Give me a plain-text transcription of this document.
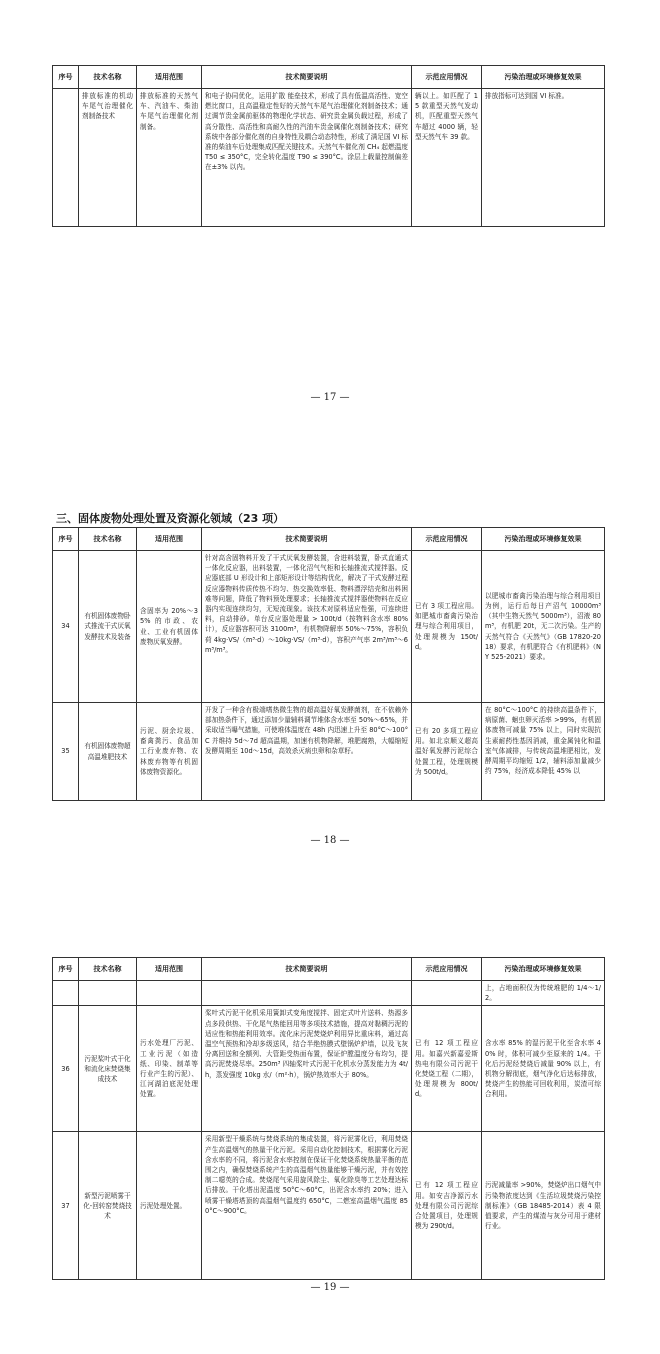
序号	技术名称	适用范围	技术简要说明	示范应用情况	污染治理或环境修复效果
	排放标准的机动车尾气治理催化剂制备技术	排放标准的天然气车、汽油车、柴油车尾气治理催化剂制备。	和电子协同优化，运用扩散 能垒技术，形成了具有低温高活性、宽空燃比窗口，且高温稳定性好的天然气车尾气治理催化剂制备技术；通过调节贵金属前驱体的物理化学状态、研究贵金属负载过程，形成了高分散性、高活性和高耐久性的汽油车贵金属催化剂制备技术；研究系统中各部分催化剂的自身特性及耦合动态特性，形成了满足国 VI 标准的柴油车后处理集成匹配关键技术。天然气车催化剂 CH₄ 起燃温度 T50 ≤ 350°C，完全转化温度 T90 ≤ 390°C。涂层上载量控制偏差在±3% 以内。	辆以上。如匹配了 15 款重型天然气发动机，匹配重型天然气车超过 4000 辆，轻型天然气车 39 款。	排放指标可达到国 VI 标准。
— 17 —
三、固体废物处理处置及资源化领域（23 项）
序号	技术名称	适用范围	技术简要说明	示范应用情况	污染治理或环境修复效果
34	有机固体废物卧式推流干式厌氧发酵技术及装备	含固率为 20%～35% 的市政、农业、工业有机固体废物厌氧发酵。	针对高含固物料开发了干式厌氧发酵装置，含进料装置，卧式直通式一体化反应器，出料装置，一体化沼气气柜和长轴推流式搅拌器。反应器底部 U 形设计和上部矩形设计等结构优化，解决了干式发酵过程反应器物料传质传热不均匀、热交换效率低、物料漂浮结壳和出料困难等问题，降低了物料预处理要求；长轴推流式搅拌器使物料在反应器内实现连续均匀，无短流现象。该技术对原料适应性强，可连续进料，自动排砂。单台反应器处理量 > 100t/d（按物料含水率 80% 计），反应器容积可达 3100m³，有机物降解率 50%～75%，容积负荷 4kg·VS/（m³·d）～10kg·VS/（m³·d），容积产气率 2m³/m³～6m³/m³。	已有 3 项工程应用。如肥城市畜禽污染治理与综合利用项目，处理规模为 150t/d。	以肥城市畜禽污染治理与综合利用项目为例，运行后每日产沼气 10000m³（其中生物天然气 5000m³），沼液 80m³，有机肥 20t，无二次污染。生产的天然气符合《天然气》（GB 17820-2018）要求，有机肥符合《有机肥料》（NY 525-2021）要求。
35	有机固体废物超高温堆肥技术	污泥、厨余垃圾、畜禽粪污、食品加工行业废弃物、农林废弃物等有机固体废物资源化。	开发了一种含有极端嗜热微生物的超高温好氧发酵菌剂，在不依赖外部加热条件下，通过添加少量辅料调节堆体含水率至 50%～65%，并采取适当曝气措施，可使堆体温度在 48h 内迅速上升至 80°C～100°C 并维持 5d～7d 超高温期，加速有机物降解，堆肥腐熟，大幅缩短发酵周期至 10d～15d，高效杀灭病虫卵和杂草籽。	已有 20 多项工程应用。如北京顺义超高温好氧发酵污泥综合处置工程，处理规模为 500t/d。	在 80°C～100°C 的持续高温条件下，病原菌、蛔虫卵灭活率 >99%，有机固体废物可减量 75% 以上，同时实现抗生素耐药性基因消减，重金属钝化和温室气体减排，与传统高温堆肥相比，发酵周期平均缩短 1/2，辅料添加量减少约 75%，经济成本降低 45% 以
— 18 —
序号	技术名称	适用范围	技术简要说明	示范应用情况	污染治理或环境修复效果
					上，占地面积仅为传统堆肥的 1/4～1/2。
36	污泥桨叶式干化和流化床焚烧集成技术	污水处理厂污泥、工业污泥（如造纸、印染、制革等行业产生的污泥）、江河湖泊底泥处理处置。	桨叶式污泥干化机采用簧卸式变角度搅拌、固定式叶片送料、热源多点多段供热、干化尾气热能回用等多项技术措施，提高对黏稠污泥的适应性和热能利用效率。流化床污泥焚烧炉利用异比重床料，通过高温空气预热和冷却多级送风，结合半绝热膜式壁锅炉炉墙，以及飞灰分离回送和全额列、大管距受热面布置，保证炉膛温度分布均匀，提高污泥焚烧尽率。250m³ 四轴桨叶式污泥干化机水分蒸发能力为 4t/h，蒸发强度 10kg 水/（m²·h），锅炉热效率大于 80%。	已有 12 项工程应用。如嘉兴新嘉爱斯热电有限公司污泥干化焚烧工程（二期），处理规模为 800t/d。	含水率 85% 的湿污泥干化至含水率 40% 时，体积可减少至原来的 1/4。干化后污泥经焚烧后减量 90% 以上，有机物分解彻底，烟气净化后达标排放，焚烧产生的热能可回收利用，炭渣可综合利用。
37	新型污泥喷雾干化-回转窑焚烧技术	污泥处理处置。	采用新型干燥系统与焚烧系统的集成装置，将污泥雾化后，利用焚烧产生高温烟气的热量干化污泥。采用自动化控制技术，根据雾化污泥含水率的不同，将污泥含水率控制在保证干化焚烧系统热量平衡的范围之内，确保焚烧系统产生的高温烟气热量能够干燥污泥，并有效控制二噁英的合成。焚烧尾气采用旋风除尘、氧化除臭等工艺处理达标后排放。干化塔出泥温度 50°C～60°C，出泥含水率约 20%；进入喷雾干燥塔塔顶的高温烟气温度约 650°C，二燃室高温烟气温度 850°C～900°C。	已有 12 项工程应用。如安吉净源污水处理有限公司污泥综合处置项目，处理规模为 290t/d。	污泥减量率 >90%，焚烧炉出口烟气中污染物浓度达到《生活垃圾焚烧污染控制标准》（GB 18485-2014）表 4 限值要求，产生的煤渣与灰分可用于建材行业。
— 19 —
